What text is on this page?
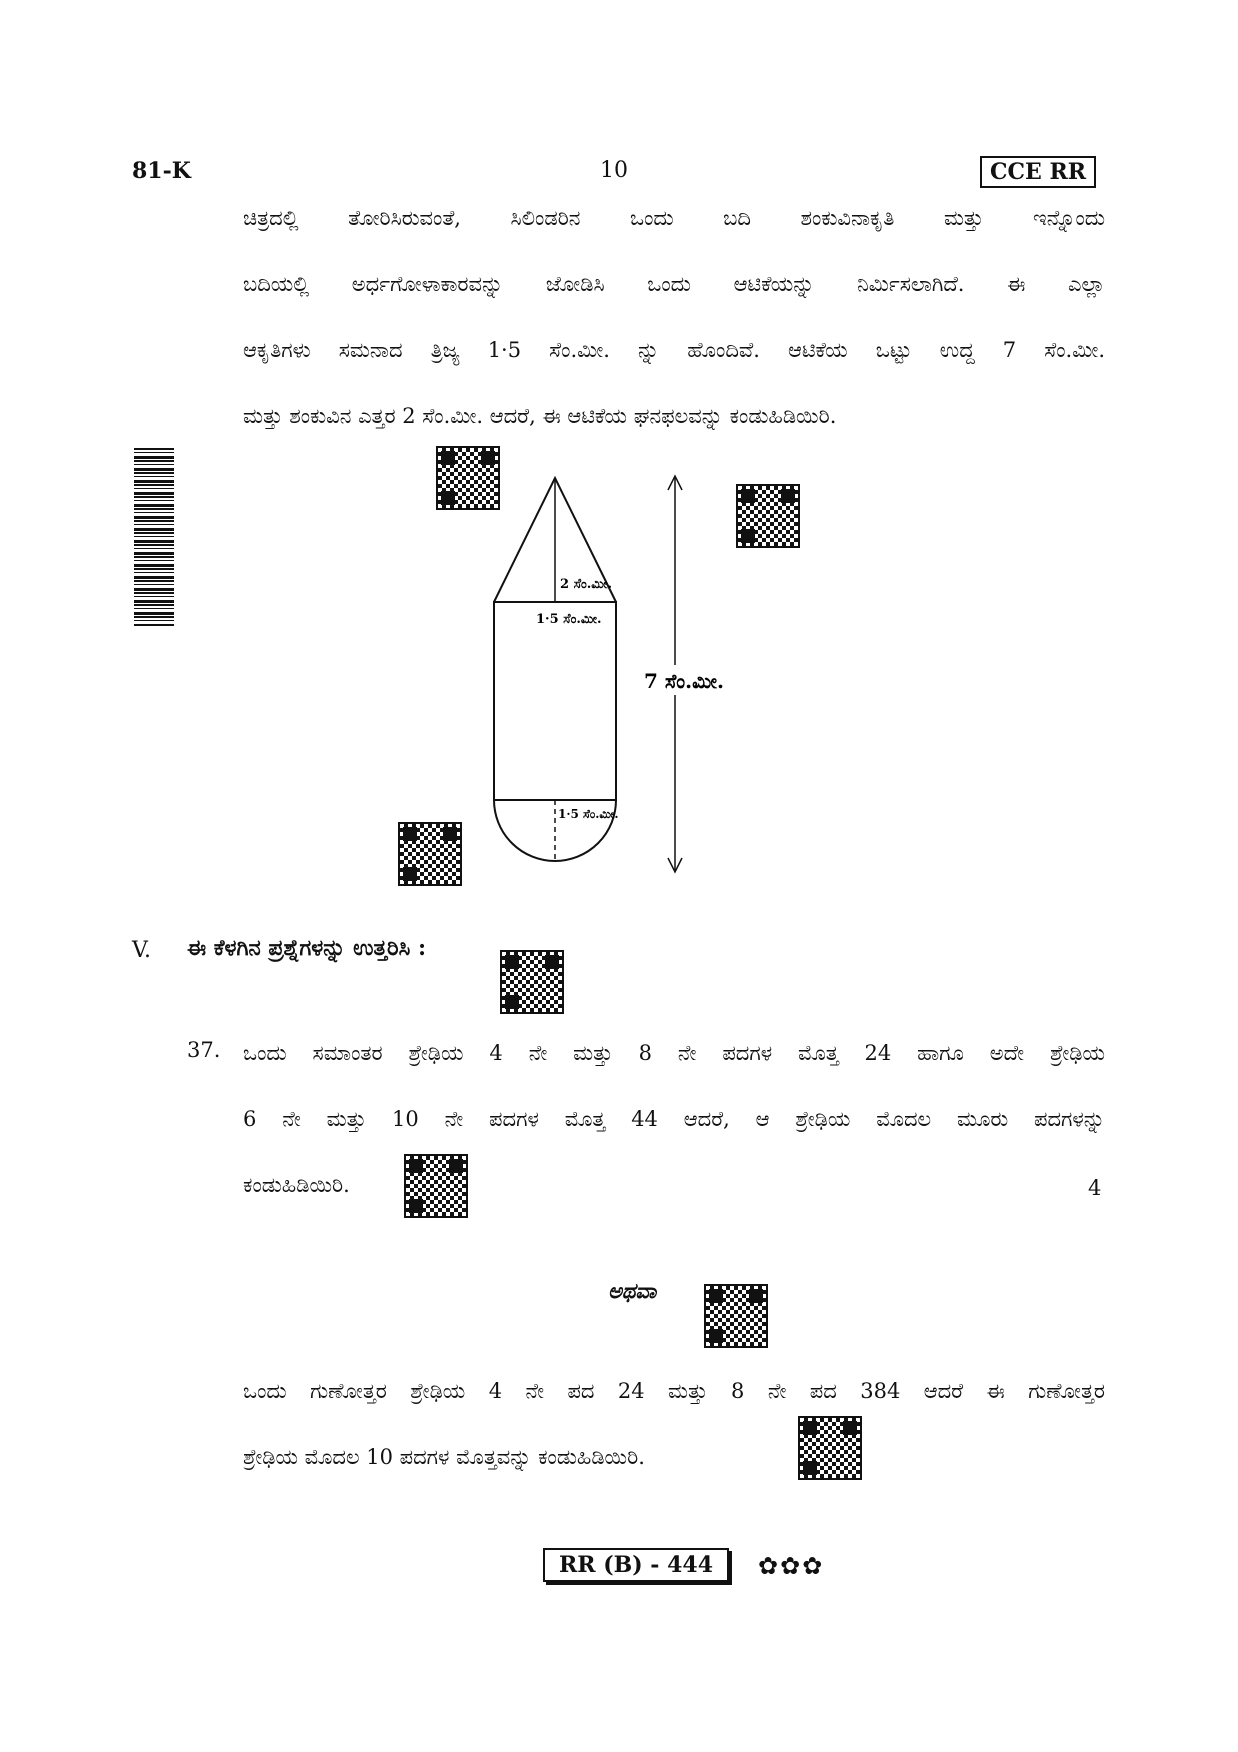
81-K	10	CCE RR
ಚಿತ್ರದಲ್ಲಿ ತೋರಿಸಿರುವಂತೆ, ಸಿಲಿಂಡರಿನ ಒಂದು ಬದಿ ಶಂಕುವಿನಾಕೃತಿ ಮತ್ತು ಇನ್ನೊಂದು
ಬದಿಯಲ್ಲಿ ಅರ್ಧಗೋಳಾಕಾರವನ್ನು ಜೋಡಿಸಿ ಒಂದು ಆಟಿಕೆಯನ್ನು ನಿರ್ಮಿಸಲಾಗಿದೆ. ಈ ಎಲ್ಲಾ
ಆಕೃತಿಗಳು ಸಮನಾದ ತ್ರಿಜ್ಯ 1·5 ಸೆಂ.ಮೀ. ನ್ನು ಹೊಂದಿವೆ. ಆಟಿಕೆಯ ಒಟ್ಟು ಉದ್ದ 7 ಸೆಂ.ಮೀ.
ಮತ್ತು ಶಂಕುವಿನ ಎತ್ತರ 2 ಸೆಂ.ಮೀ. ಆದರೆ, ಈ ಆಟಿಕೆಯ ಘನಫಲವನ್ನು ಕಂಡುಹಿಡಿಯಿರಿ.
2 ಸೆಂ.ಮೀ.
1·5 ಸೆಂ.ಮೀ.
1·5 ಸೆಂ.ಮೀ.
7 ಸೆಂ.ಮೀ.
V. ಈ ಕೆಳಗಿನ ಪ್ರಶ್ನೆಗಳನ್ನು ಉತ್ತರಿಸಿ :
37. ಒಂದು ಸಮಾಂತರ ಶ್ರೇಢಿಯ 4 ನೇ ಮತ್ತು 8 ನೇ ಪದಗಳ ಮೊತ್ತ 24 ಹಾಗೂ ಅದೇ ಶ್ರೇಢಿಯ
6 ನೇ ಮತ್ತು 10 ನೇ ಪದಗಳ ಮೊತ್ತ 44 ಆದರೆ, ಆ ಶ್ರೇಢಿಯ ಮೊದಲ ಮೂರು ಪದಗಳನ್ನು
ಕಂಡುಹಿಡಿಯಿರಿ.	4
ಅಥವಾ
ಒಂದು ಗುಣೋತ್ತರ ಶ್ರೇಢಿಯ 4 ನೇ ಪದ 24 ಮತ್ತು 8 ನೇ ಪದ 384 ಆದರೆ ಈ ಗುಣೋತ್ತರ
ಶ್ರೇಢಿಯ ಮೊದಲ 10 ಪದಗಳ ಮೊತ್ತವನ್ನು ಕಂಡುಹಿಡಿಯಿರಿ.
RR (B) - 444	✿✿✿
